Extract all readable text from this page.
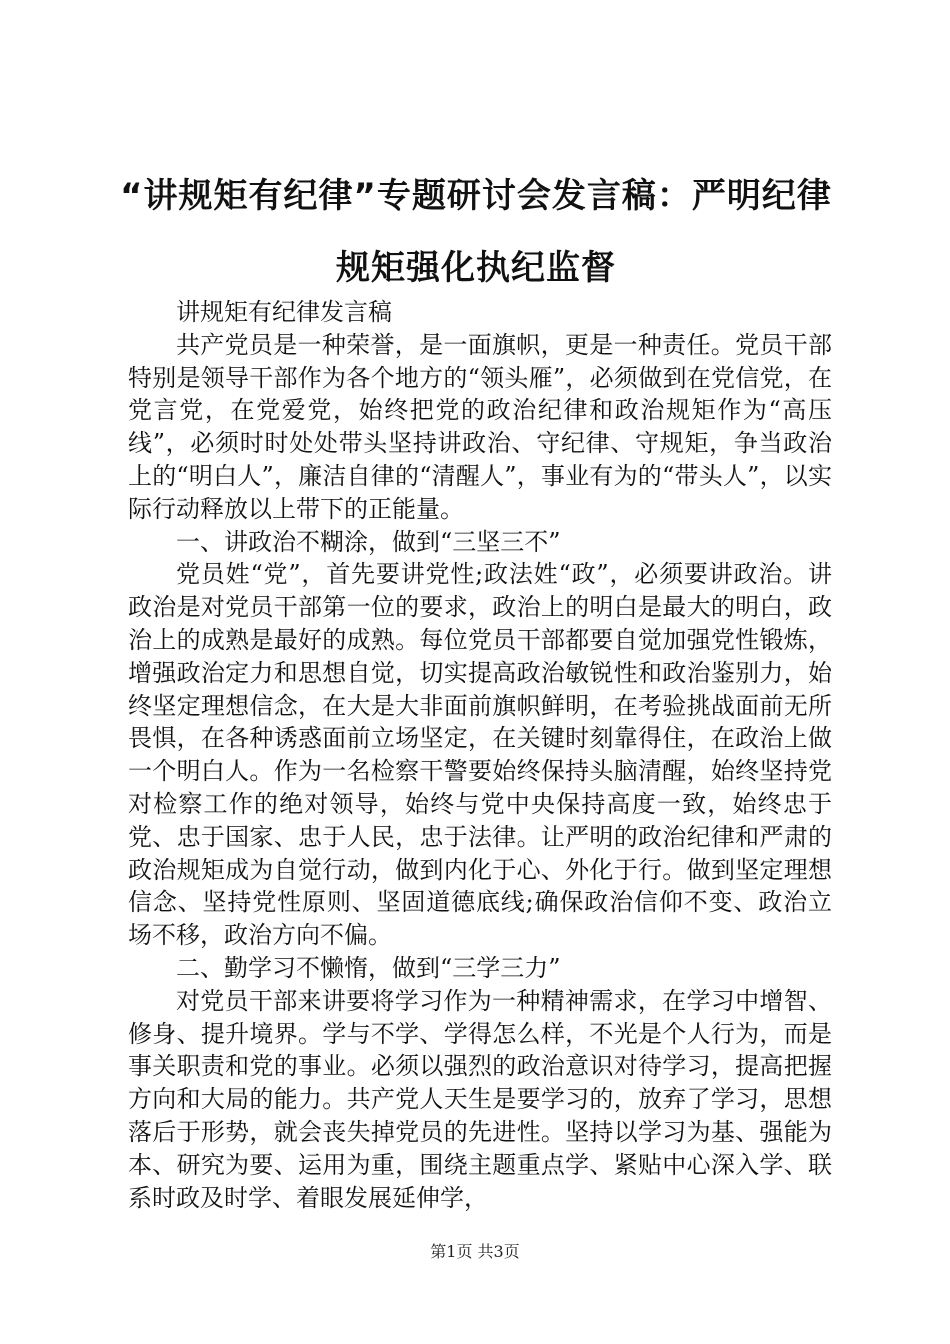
“讲规矩有纪律”专题研讨会发言稿：严明纪律规矩强化执纪监督

讲规矩有纪律发言稿

共产党员是一种荣誉，是一面旗帜，更是一种责任。党员干部特别是领导干部作为各个地方的“领头雁”，必须做到在党信党，在党言党，在党爱党，始终把党的政治纪律和政治规矩作为“高压线”，必须时时处处带头坚持讲政治、守纪律、守规矩，争当政治上的“明白人”，廉洁自律的“清醒人”，事业有为的“带头人”，以实际行动释放以上带下的正能量。

一、讲政治不糊涂，做到“三坚三不”

党员姓“党”，首先要讲党性;政法姓“政”，必须要讲政治。讲政治是对党员干部第一位的要求，政治上的明白是最大的明白，政治上的成熟是最好的成熟。每位党员干部都要自觉加强党性锻炼，增强政治定力和思想自觉，切实提高政治敏锐性和政治鉴别力，始终坚定理想信念，在大是大非面前旗帜鲜明，在考验挑战面前无所畏惧，在各种诱惑面前立场坚定，在关键时刻靠得住，在政治上做一个明白人。作为一名检察干警要始终保持头脑清醒，始终坚持党对检察工作的绝对领导，始终与党中央保持高度一致，始终忠于党、忠于国家、忠于人民，忠于法律。让严明的政治纪律和严肃的政治规矩成为自觉行动，做到内化于心、外化于行。做到坚定理想信念、坚持党性原则、坚固道德底线;确保政治信仰不变、政治立场不移，政治方向不偏。

二、勤学习不懒惰，做到“三学三力”

对党员干部来讲要将学习作为一种精神需求，在学习中增智、修身、提升境界。学与不学、学得怎么样，不光是个人行为，而是事关职责和党的事业。必须以强烈的政治意识对待学习，提高把握方向和大局的能力。共产党人天生是要学习的，放弃了学习，思想落后于形势，就会丧失掉党员的先进性。坚持以学习为基、强能为本、研究为要、运用为重，围绕主题重点学、紧贴中心深入学、联系时政及时学、着眼发展延伸学，

第1页 共3页
